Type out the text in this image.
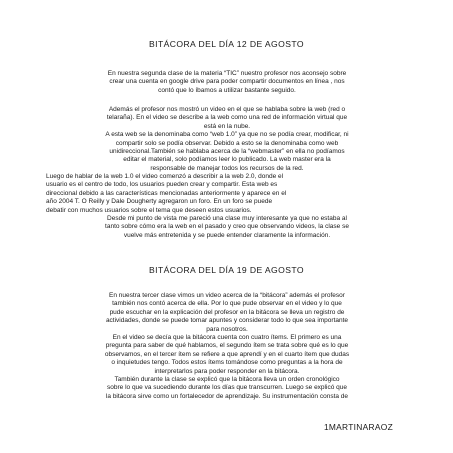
BITÁCORA DEL DÍA 12 DE AGOSTO
En nuestra segunda clase de la materia “TIC” nuestro profesor nos aconsejo sobre
crear una cuenta en google drive para poder compartir documentos en línea , nos
contó que lo íbamos a utilizar bastante seguido.
Además el profesor nos mostró un video en el que se hablaba sobre la web (red o
telaraña). En el video se describe a la web como una red de información virtual que
está en la nube.
A esta web se la denominaba como “web 1.0” ya que no se podía crear, modificar, ni
compartir solo se podía observar. Debido a esto se la denominaba como web
unidireccional.También se hablaba acerca de la “webmaster” en ella no podíamos
editar el material, solo podíamos leer lo publicado. La web master era la
responsable de manejar todos los recursos de la red.
Luego de hablar de la web 1.0 el video comenzó a describir a la web 2.0, donde el
usuario es el centro de todo, los usuarios pueden crear y compartir. Esta web es
direccional debido a las características mencionadas anteriormente y aparece en el
año 2004 T. O Reilly y Dale Dougherty agregaron un foro. En un foro se puede
debatir con muchos usuarios sobre el tema que deseen estos usuarios.
Desde mi punto de vista me pareció una clase muy interesante ya que no estaba al
tanto sobre cómo era la web en el pasado y creo que observando videos, la clase se
vuelve más entretenida y se puede entender claramente la información.
BITÁCORA DEL DÍA 19 DE AGOSTO
En nuestra tercer clase vimos un video acerca de la “bitácora” además el profesor
también nos contó acerca de ella. Por lo que pude observar en el video y lo que
pude escuchar en la explicación del profesor en la bitácora se lleva un registro de
actividades, donde se puede tomar apuntes y considerar todo lo que sea importante
para nosotros.
En el video se decía que la bitácora cuenta con cuatro ítems. El primero es una
pregunta para saber de qué hablamos, el segundo ítem se trata sobre qué es lo que
observamos, en el tercer ítem se refiere a que aprendí y en el cuarto ítem que dudas
o inquietudes tengo. Todos estos ítems tomándose como preguntas a la hora de
interpretarlos para poder responder en la bitácora.
También durante la clase se explicó que la bitácora lleva un orden cronológico
sobre lo que va sucediendo durante los días que transcurren. Luego se explicó que
la bitácora sirve como un fortalecedor de aprendizaje. Su instrumentación consta de
1MARTINARAOZ
